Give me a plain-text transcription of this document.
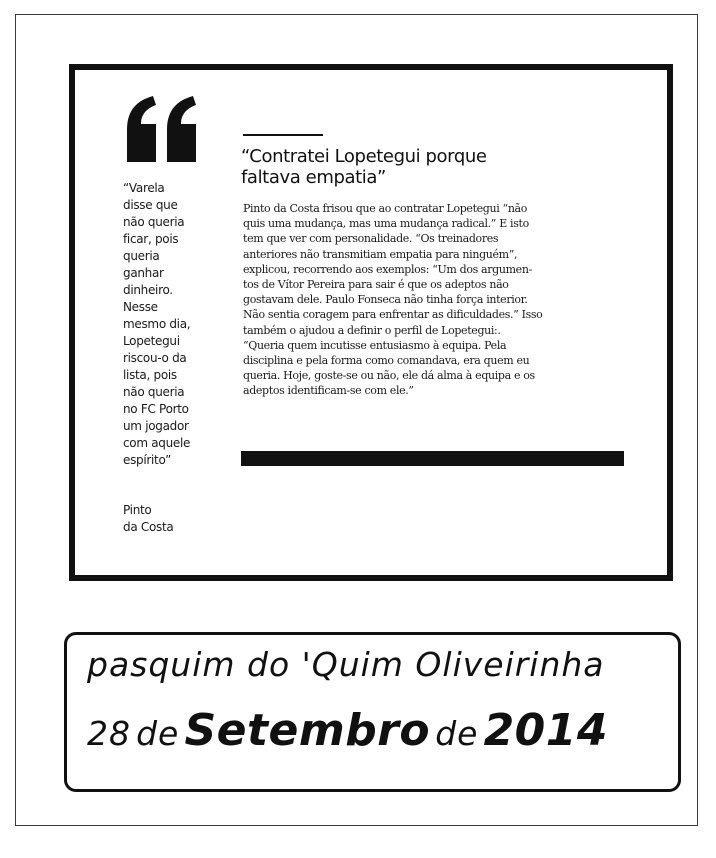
“Varela
disse que
não queria
ficar, pois
queria
ganhar
dinheiro.
Nesse
mesmo dia,
Lopetegui
riscou-o da
lista, pois
não queria
no FC Porto
um jogador
com aquele
espírito”
Pinto
da Costa
“Contratei Lopetegui porque
faltava empatia”
Pinto da Costa frisou que ao contratar Lopetegui “não
quis uma mudança, mas uma mudança radical.” E isto
tem que ver com personalidade. “Os treinadores
anteriores não transmitiam empatia para ninguém”,
explicou, recorrendo aos exemplos: “Um dos argumen-
tos de Vítor Pereira para sair é que os adeptos não
gostavam dele. Paulo Fonseca não tinha força interior.
Não sentia coragem para enfrentar as dificuldades.” Isso
também o ajudou a definir o perfil de Lopetegui:.
“Queria quem incutisse entusiasmo à equipa. Pela
disciplina e pela forma como comandava, era quem eu
queria. Hoje, goste-se ou não, ele dá alma à equipa e os
adeptos identificam-se com ele.”
pasquim do 'Quim Oliveirinha
28 de Setembro de 2014
